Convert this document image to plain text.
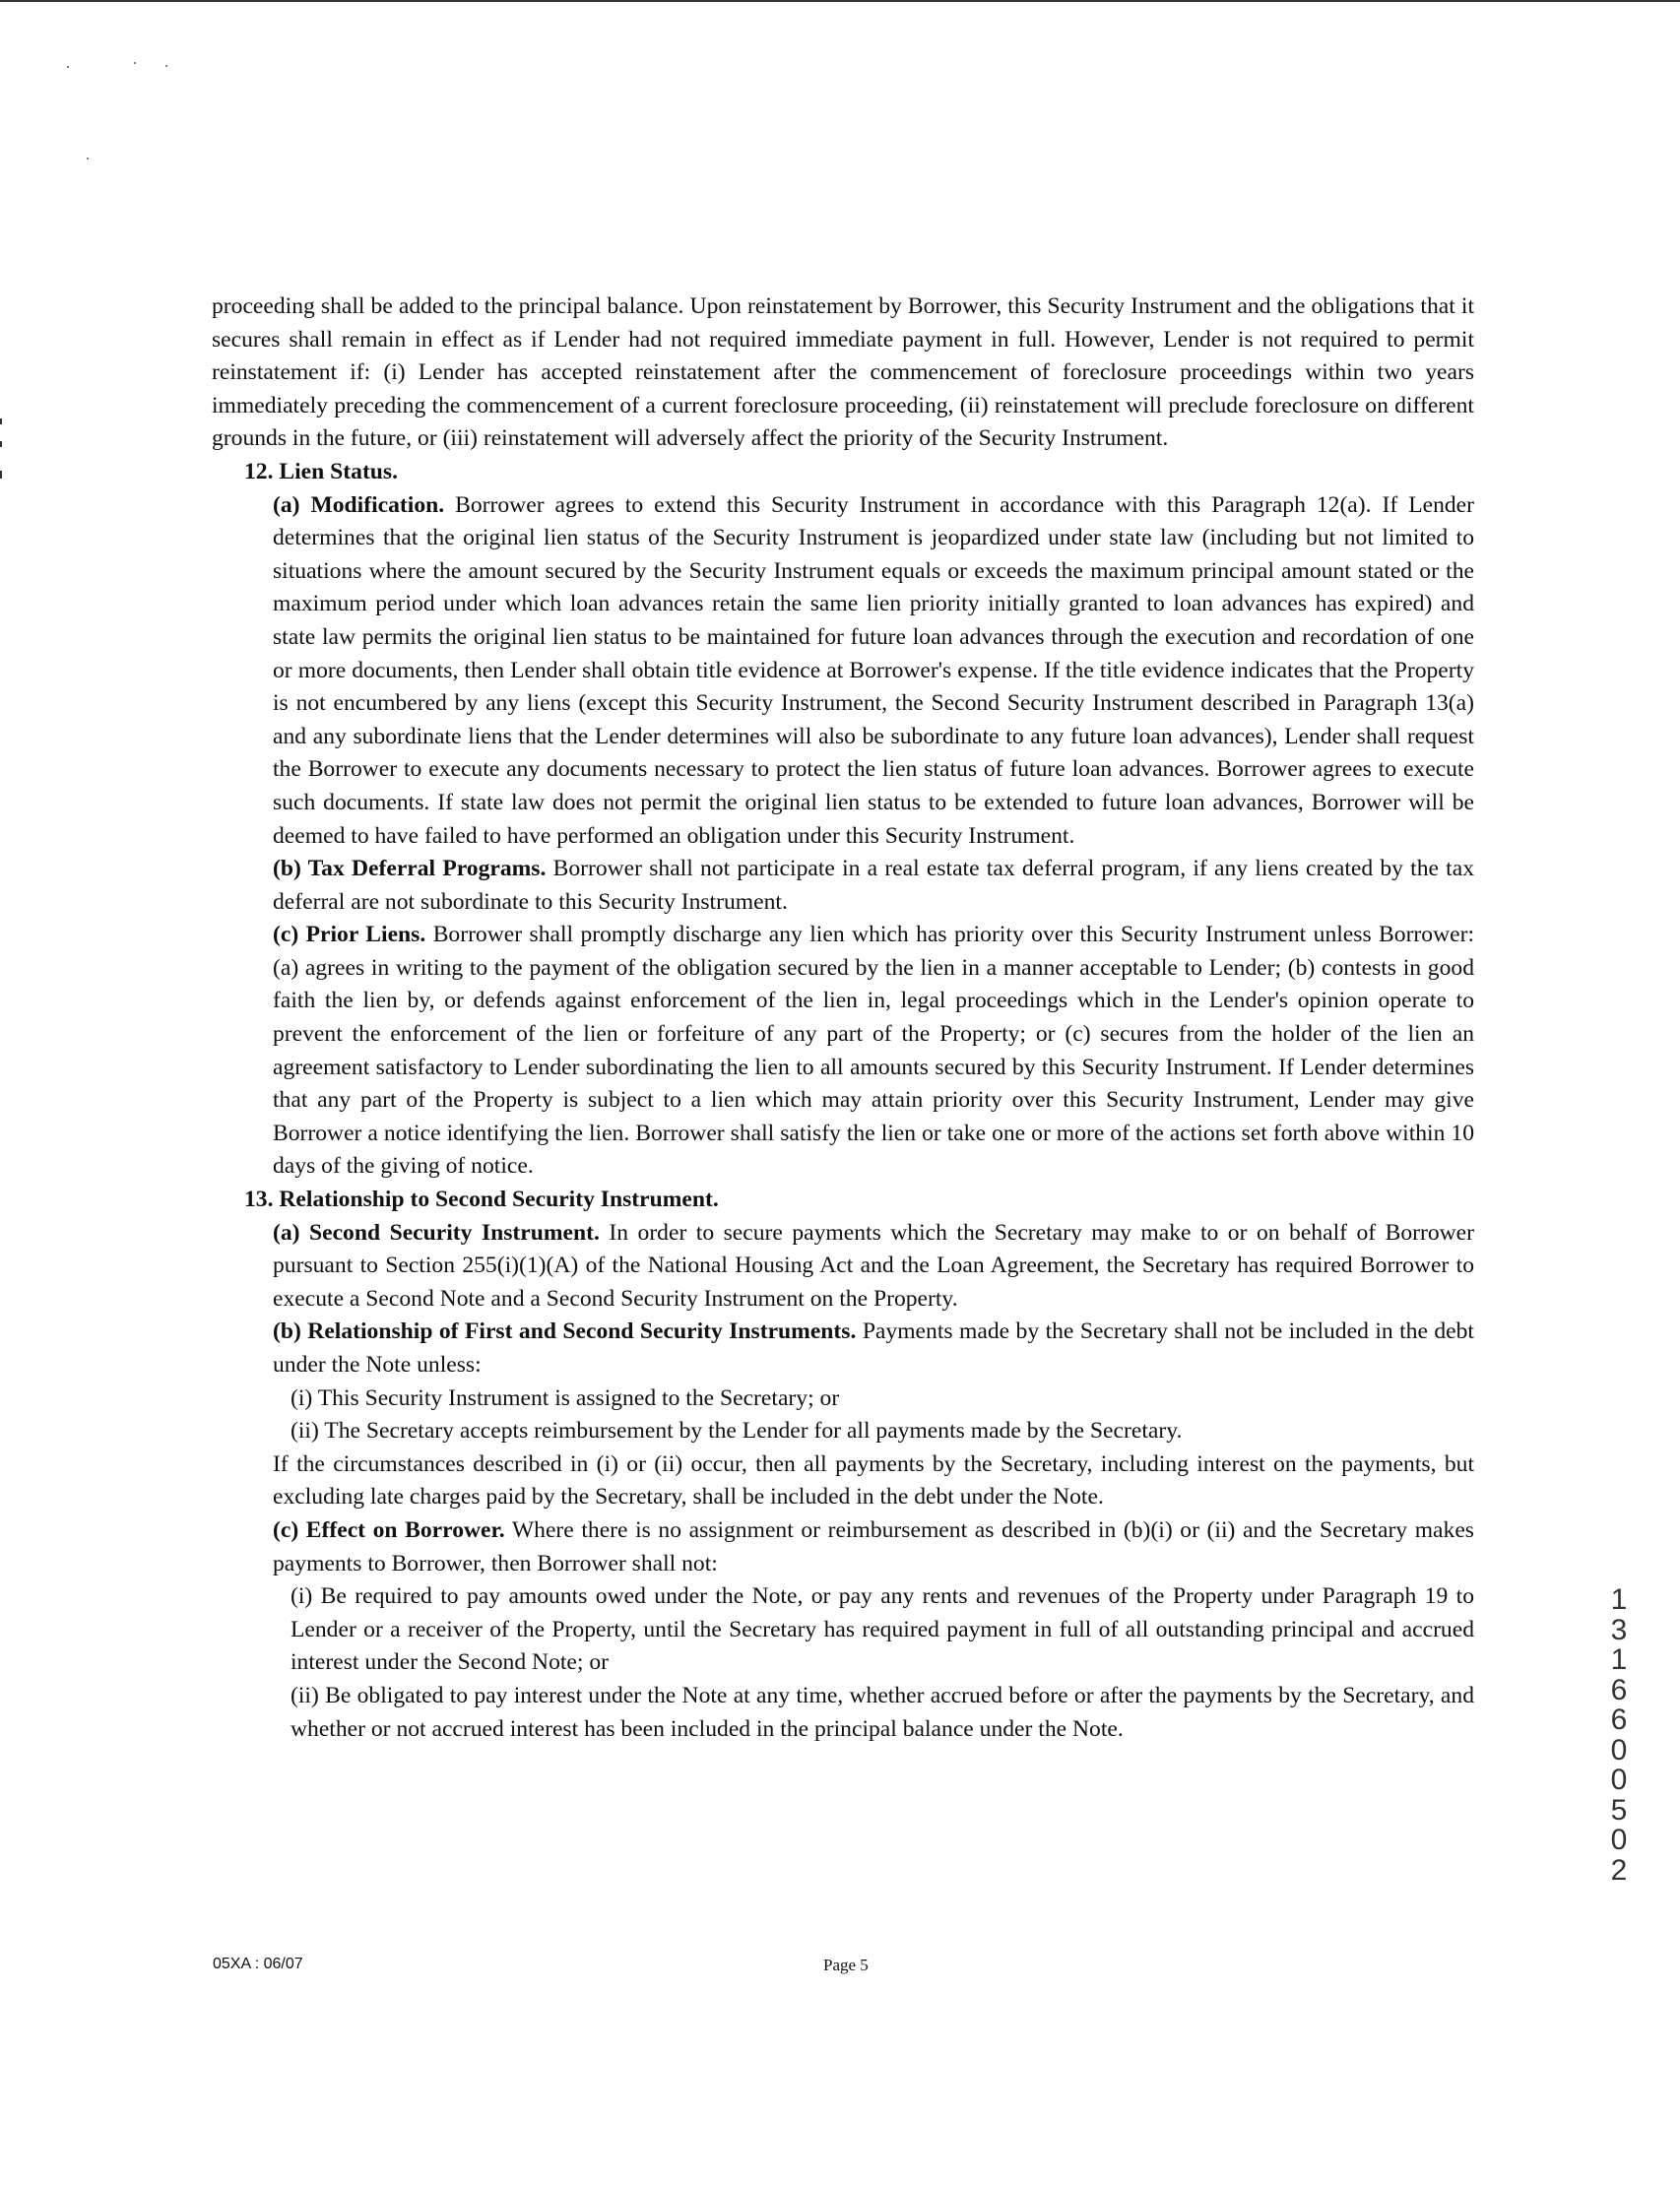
proceeding shall be added to the principal balance. Upon reinstatement by Borrower, this Security Instrument and the obligations that it secures shall remain in effect as if Lender had not required immediate payment in full. However, Lender is not required to permit reinstatement if: (i) Lender has accepted reinstatement after the commencement of foreclosure proceedings within two years immediately preceding the commencement of a current foreclosure proceeding, (ii) reinstatement will preclude foreclosure on different grounds in the future, or (iii) reinstatement will adversely affect the priority of the Security Instrument.

12. Lien Status.

(a) Modification. Borrower agrees to extend this Security Instrument in accordance with this Paragraph 12(a). If Lender determines that the original lien status of the Security Instrument is jeopardized under state law (including but not limited to situations where the amount secured by the Security Instrument equals or exceeds the maximum principal amount stated or the maximum period under which loan advances retain the same lien priority initially granted to loan advances has expired) and state law permits the original lien status to be maintained for future loan advances through the execution and recordation of one or more documents, then Lender shall obtain title evidence at Borrower's expense. If the title evidence indicates that the Property is not encumbered by any liens (except this Security Instrument, the Second Security Instrument described in Paragraph 13(a) and any subordinate liens that the Lender determines will also be subordinate to any future loan advances), Lender shall request the Borrower to execute any documents necessary to protect the lien status of future loan advances. Borrower agrees to execute such documents. If state law does not permit the original lien status to be extended to future loan advances, Borrower will be deemed to have failed to have performed an obligation under this Security Instrument.

(b) Tax Deferral Programs. Borrower shall not participate in a real estate tax deferral program, if any liens created by the tax deferral are not subordinate to this Security Instrument.

(c) Prior Liens. Borrower shall promptly discharge any lien which has priority over this Security Instrument unless Borrower: (a) agrees in writing to the payment of the obligation secured by the lien in a manner acceptable to Lender; (b) contests in good faith the lien by, or defends against enforcement of the lien in, legal proceedings which in the Lender's opinion operate to prevent the enforcement of the lien or forfeiture of any part of the Property; or (c) secures from the holder of the lien an agreement satisfactory to Lender subordinating the lien to all amounts secured by this Security Instrument. If Lender determines that any part of the Property is subject to a lien which may attain priority over this Security Instrument, Lender may give Borrower a notice identifying the lien. Borrower shall satisfy the lien or take one or more of the actions set forth above within 10 days of the giving of notice.

13. Relationship to Second Security Instrument.

(a) Second Security Instrument. In order to secure payments which the Secretary may make to or on behalf of Borrower pursuant to Section 255(i)(1)(A) of the National Housing Act and the Loan Agreement, the Secretary has required Borrower to execute a Second Note and a Second Security Instrument on the Property.

(b) Relationship of First and Second Security Instruments. Payments made by the Secretary shall not be included in the debt under the Note unless:

(i) This Security Instrument is assigned to the Secretary; or

(ii) The Secretary accepts reimbursement by the Lender for all payments made by the Secretary.

If the circumstances described in (i) or (ii) occur, then all payments by the Secretary, including interest on the payments, but excluding late charges paid by the Secretary, shall be included in the debt under the Note.

(c) Effect on Borrower. Where there is no assignment or reimbursement as described in (b)(i) or (ii) and the Secretary makes payments to Borrower, then Borrower shall not:

(i) Be required to pay amounts owed under the Note, or pay any rents and revenues of the Property under Paragraph 19 to Lender or a receiver of the Property, until the Secretary has required payment in full of all outstanding principal and accrued interest under the Second Note; or

(ii) Be obligated to pay interest under the Note at any time, whether accrued before or after the payments by the Secretary, and whether or not accrued interest has been included in the principal balance under the Note.

05XA : 06/07	Page 5
1
3
1
6
6
0
0
5
0
2
